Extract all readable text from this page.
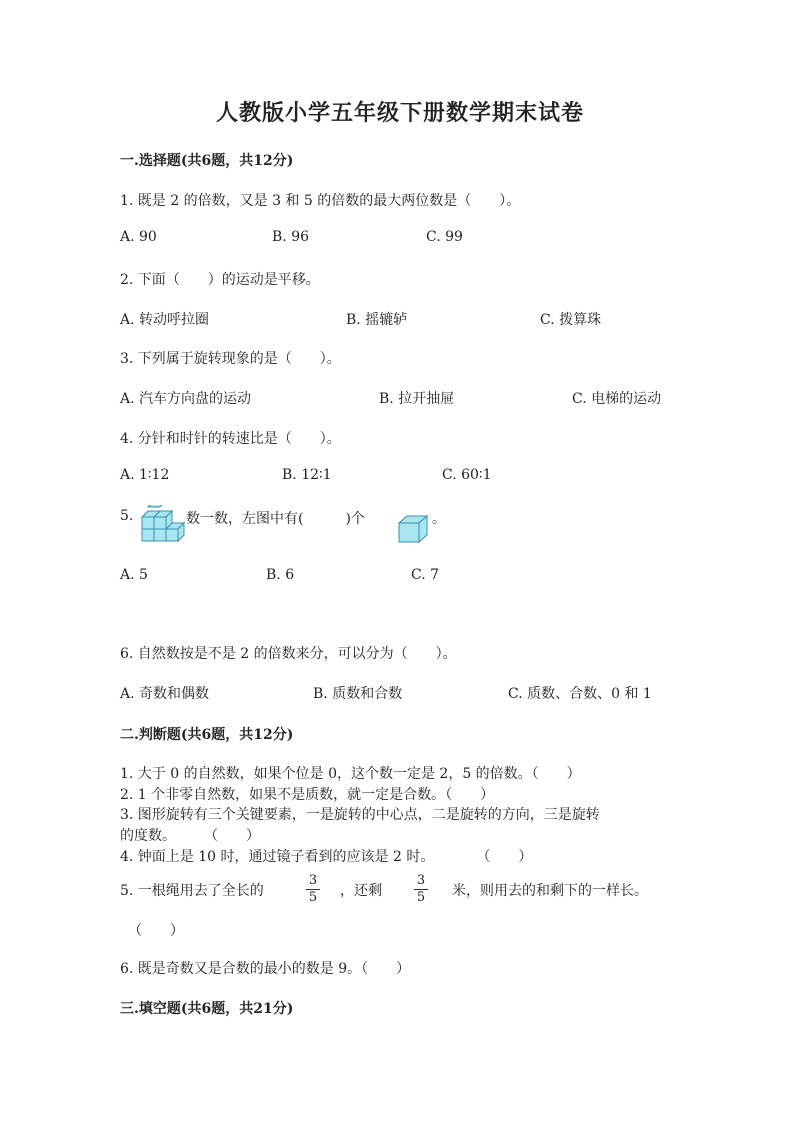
人教版小学五年级下册数学期末试卷
一.选择题(共6题，共12分)
1. 既是 2 的倍数，又是 3 和 5 的倍数的最大两位数是（　　）。
A. 90	B. 96	C. 99
2. 下面（　　）的运动是平移。
A. 转动呼拉圈	B. 摇辘轳	C. 拨算珠
3. 下列属于旋转现象的是（　　）。
A. 汽车方向盘的运动	B. 拉开抽屉	C. 电梯的运动
4. 分针和时针的转速比是（　　）。
A. 1∶12	B. 12∶1	C. 60∶1
5.	数一数，左图中有(　　　)个	。
A. 5	B. 6	C. 7
6. 自然数按是不是 2 的倍数来分，可以分为（　　）。
A. 奇数和偶数	B. 质数和合数	C. 质数、合数、0 和 1
二.判断题(共6题，共12分)
1. 大于 0 的自然数，如果个位是 0，这个数一定是 2，5 的倍数。（　　）
2. 1 个非零自然数，如果不是质数，就一定是合数。（　　）
3. 图形旋转有三个关键要素，一是旋转的中心点，二是旋转的方向，三是旋转
的度数。　　　（　　）
4. 钟面上是 10 时，通过镜子看到的应该是 2 时。　　　　（　　）
5. 一根绳用去了全长的
3
5 ，还剩
3
5 米，则用去的和剩下的一样长。
（　　）
6. 既是奇数又是合数的最小的数是 9。（　　）
三.填空题(共6题，共21分)
